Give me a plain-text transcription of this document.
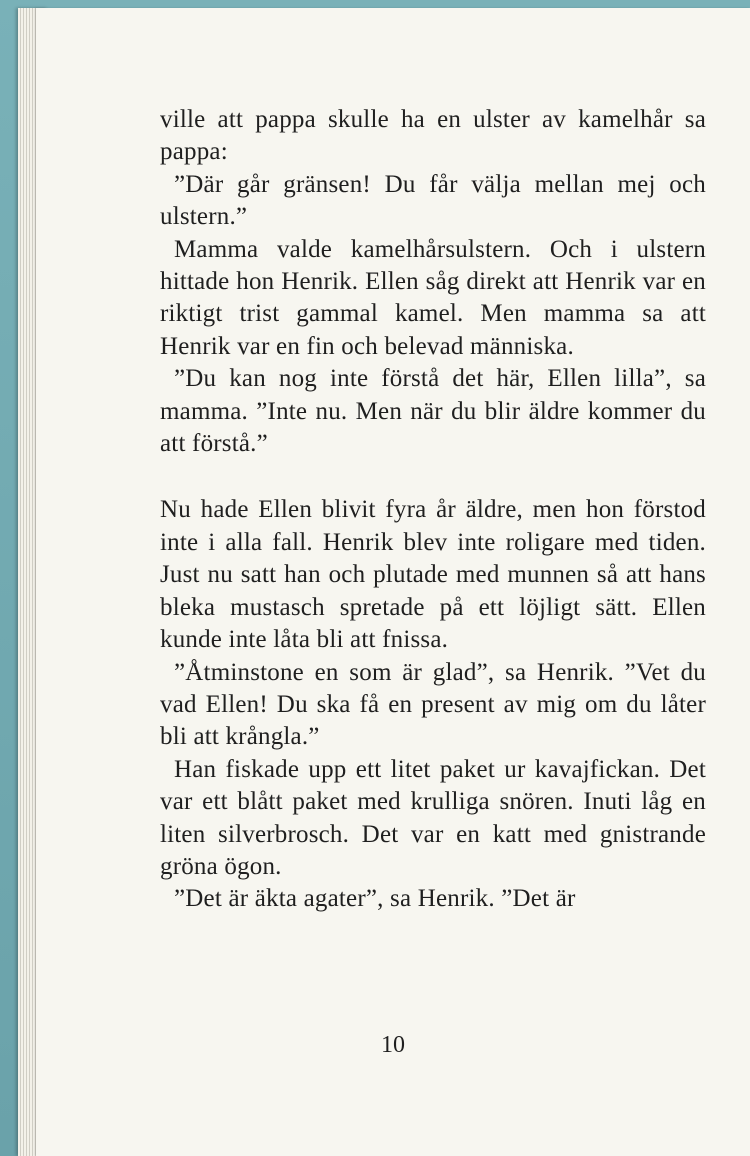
ville att pappa skulle ha en ulster av kamelhår sa pappa:

”Där går gränsen! Du får välja mellan mej och ulstern.”

Mamma valde kamelhårsulstern. Och i ulstern hittade hon Henrik. Ellen såg direkt att Henrik var en riktigt trist gammal kamel. Men mamma sa att Henrik var en fin och belevad människa.

”Du kan nog inte förstå det här, Ellen lilla”, sa mamma. ”Inte nu. Men när du blir äldre kommer du att förstå.”

Nu hade Ellen blivit fyra år äldre, men hon förstod inte i alla fall. Henrik blev inte roligare med tiden. Just nu satt han och plutade med munnen så att hans bleka mustasch spretade på ett löjligt sätt. Ellen kunde inte låta bli att fnissa.

”Åtminstone en som är glad”, sa Henrik. ”Vet du vad Ellen! Du ska få en present av mig om du låter bli att krångla.”

Han fiskade upp ett litet paket ur kavajfickan. Det var ett blått paket med krulliga snören. Inuti låg en liten silverbrosch. Det var en katt med gnistrande gröna ögon.

”Det är äkta agater”, sa Henrik. ”Det är

10
